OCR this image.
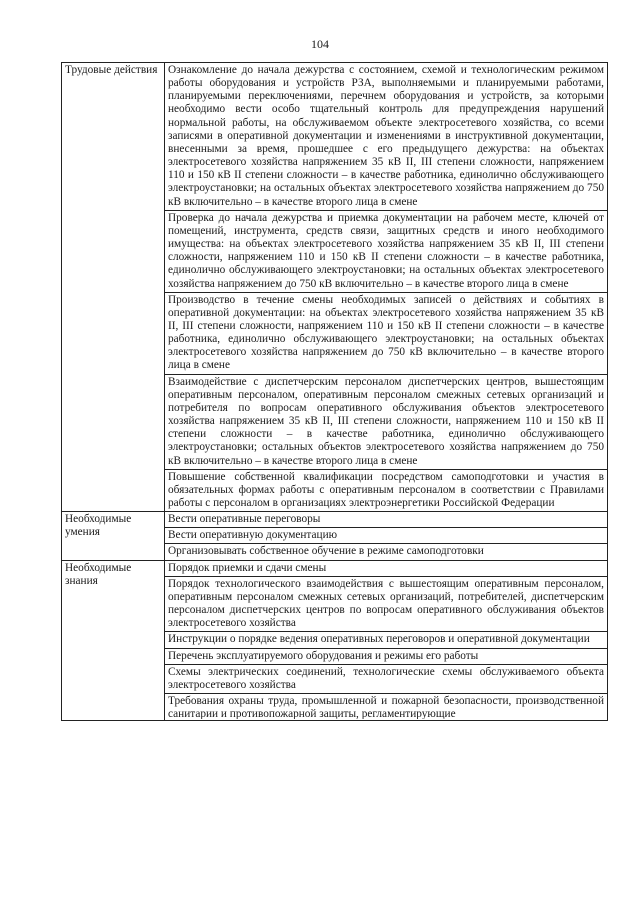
104
Трудовые действия	Ознакомление до начала дежурства с состоянием, схемой и технологическим режимом работы оборудования и устройств РЗА, выполняемыми и планируемыми работами, планируемыми переключениями, перечнем оборудования и устройств, за которыми необходимо вести особо тщательный контроль для предупреждения нарушений нормальной работы, на обслуживаемом объекте электросетевого хозяйства, со всеми записями в оперативной документации и изменениями в инструктивной документации, внесенными за время, прошедшее с его предыдущего дежурства: на объектах электросетевого хозяйства напряжением 35 кВ II, III степени сложности, напряжением 110 и 150 кВ II степени сложности – в качестве работника, единолично обслуживающего электроустановки; на остальных объектах электросетевого хозяйства напряжением до 750 кВ включительно – в качестве второго лица в смене
	Проверка до начала дежурства и приемка документации на рабочем месте, ключей от помещений, инструмента, средств связи, защитных средств и иного необходимого имущества: на объектах электросетевого хозяйства напряжением 35 кВ II, III степени сложности, напряжением 110 и 150 кВ II степени сложности – в качестве работника, единолично обслуживающего электроустановки; на остальных объектах электросетевого хозяйства напряжением до 750 кВ включительно – в качестве второго лица в смене
	Производство в течение смены необходимых записей о действиях и событиях в оперативной документации: на объектах электросетевого хозяйства напряжением 35 кВ II, III степени сложности, напряжением 110 и 150 кВ II степени сложности – в качестве работника, единолично обслуживающего электроустановки; на остальных объектах электросетевого хозяйства напряжением до 750 кВ включительно – в качестве второго лица в смене
	Взаимодействие с диспетчерским персоналом диспетчерских центров, вышестоящим оперативным персоналом, оперативным персоналом смежных сетевых организаций и потребителя по вопросам оперативного обслуживания объектов электросетевого хозяйства напряжением 35 кВ II, III степени сложности, напряжением 110 и 150 кВ II степени сложности – в качестве работника, единолично обслуживающего электроустановки; остальных объектов электросетевого хозяйства напряжением до 750 кВ включительно – в качестве второго лица в смене
	Повышение собственной квалификации посредством самоподготовки и участия в обязательных формах работы с оперативным персоналом в соответствии с Правилами работы с персоналом в организациях электроэнергетики Российской Федерации
Необходимые умения	Вести оперативные переговоры
	Вести оперативную документацию
	Организовывать собственное обучение в режиме самоподготовки
Необходимые знания	Порядок приемки и сдачи смены
	Порядок технологического взаимодействия с вышестоящим оперативным персоналом, оперативным персоналом смежных сетевых организаций, потребителей, диспетчерским персоналом диспетчерских центров по вопросам оперативного обслуживания объектов электросетевого хозяйства
	Инструкции о порядке ведения оперативных переговоров и оперативной документации
	Перечень эксплуатируемого оборудования и режимы его работы
	Схемы электрических соединений, технологические схемы обслуживаемого объекта электросетевого хозяйства

	Требования охраны труда, промышленной и пожарной безопасности, производственной санитарии и противопожарной защиты, регламентирующие
